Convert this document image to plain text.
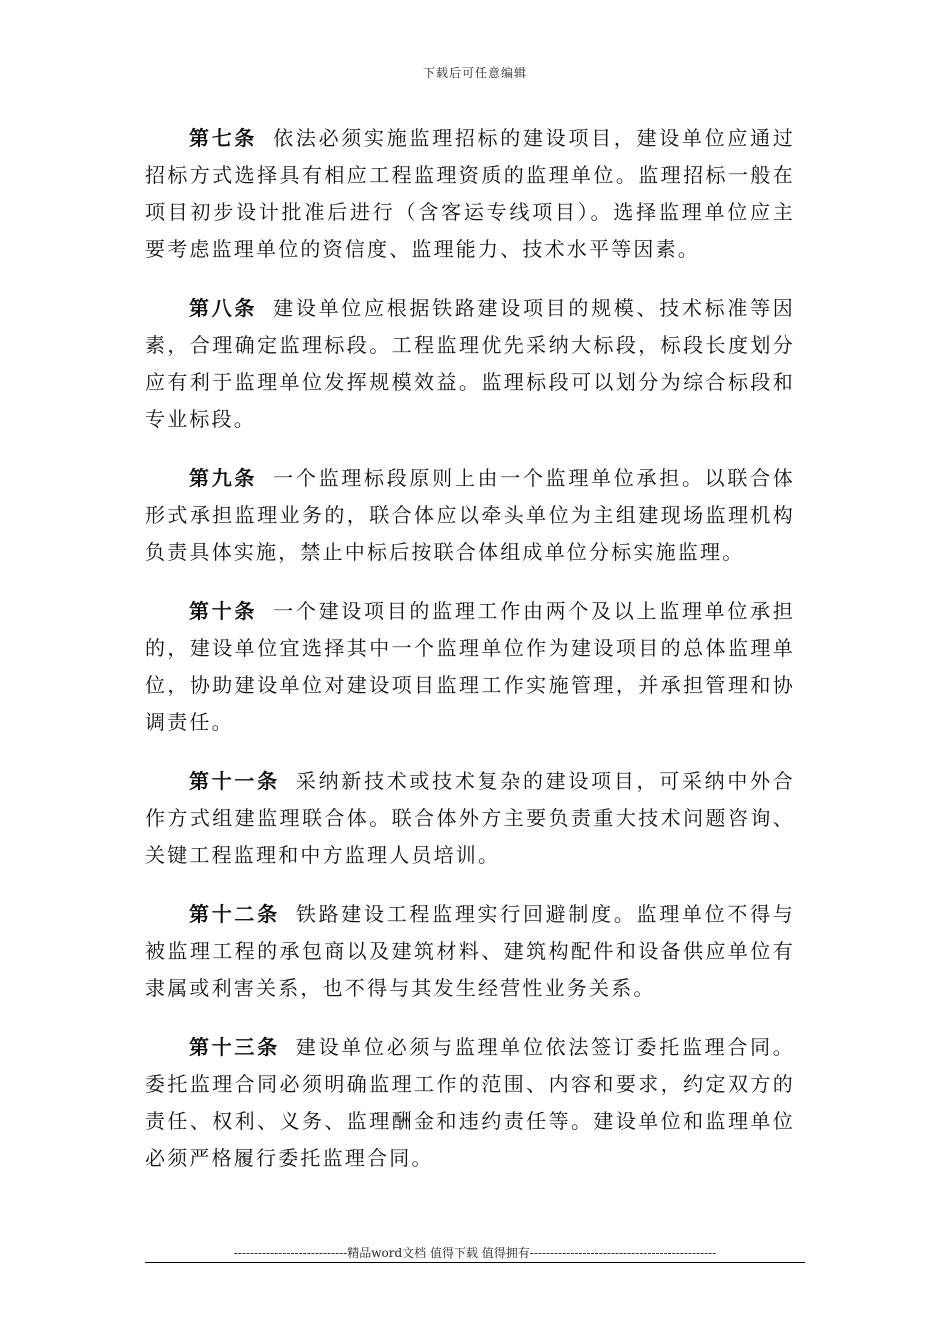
下载后可任意编辑

第七条 依法必须实施监理招标的建设项目，建设单位应通过招标方式选择具有相应工程监理资质的监理单位。监理招标一般在项目初步设计批准后进行（含客运专线项目）。选择监理单位应主要考虑监理单位的资信度、监理能力、技术水平等因素。

第八条 建设单位应根据铁路建设项目的规模、技术标准等因素，合理确定监理标段。工程监理优先采纳大标段，标段长度划分应有利于监理单位发挥规模效益。监理标段可以划分为综合标段和专业标段。

第九条 一个监理标段原则上由一个监理单位承担。以联合体形式承担监理业务的，联合体应以牵头单位为主组建现场监理机构负责具体实施，禁止中标后按联合体组成单位分标实施监理。

第十条 一个建设项目的监理工作由两个及以上监理单位承担的，建设单位宜选择其中一个监理单位作为建设项目的总体监理单位，协助建设单位对建设项目监理工作实施管理，并承担管理和协调责任。

第十一条 采纳新技术或技术复杂的建设项目，可采纳中外合作方式组建监理联合体。联合体外方主要负责重大技术问题咨询、关键工程监理和中方监理人员培训。

第十二条 铁路建设工程监理实行回避制度。监理单位不得与被监理工程的承包商以及建筑材料、建筑构配件和设备供应单位有隶属或利害关系，也不得与其发生经营性业务关系。

第十三条 建设单位必须与监理单位依法签订委托监理合同。委托监理合同必须明确监理工作的范围、内容和要求，约定双方的责任、权利、义务、监理酬金和违约责任等。建设单位和监理单位必须严格履行委托监理合同。

----------------------------精品word文档 值得下载 值得拥有----------------------------------------------
